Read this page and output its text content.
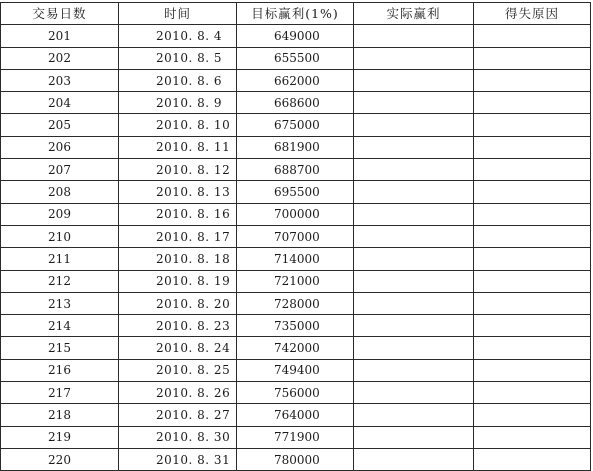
交易日数	时间	目标赢利(1%)	实际赢利	得失原因
201	2010. 8. 4	649000		
202	2010. 8. 5	655500		
203	2010. 8. 6	662000		
204	2010. 8. 9	668600		
205	2010. 8. 10	675000		
206	2010. 8. 11	681900		
207	2010. 8. 12	688700		
208	2010. 8. 13	695500		
209	2010. 8. 16	700000		
210	2010. 8. 17	707000		
211	2010. 8. 18	714000		
212	2010. 8. 19	721000		
213	2010. 8. 20	728000		
214	2010. 8. 23	735000		
215	2010. 8. 24	742000		
216	2010. 8. 25	749400		
217	2010. 8. 26	756000		
218	2010. 8. 27	764000		
219	2010. 8. 30	771900		
220	2010. 8. 31	780000		
